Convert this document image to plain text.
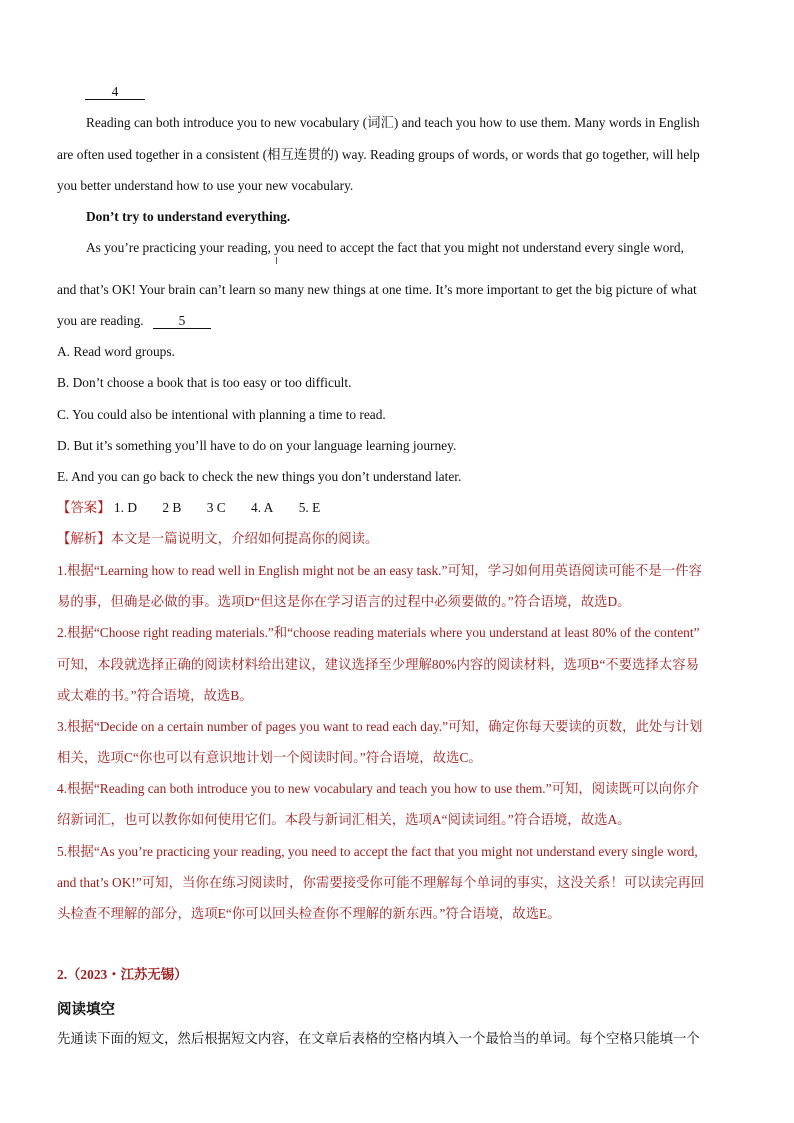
4
Reading can both introduce you to new vocabulary (词汇) and teach you how to use them. Many words in English
are often used together in a consistent (相互连贯的) way. Reading groups of words, or words that go together, will help
you better understand how to use your new vocabulary.
Don’t try to understand everything.
As you’re practicing your reading, you need to accept the fact that you might not understand every single word,
and that’s OK! Your brain can’t learn so many new things at one time. It’s more important to get the big picture of what
you are reading.	5
A. Read word groups.
B. Don’t choose a book that is too easy or too difficult.
C. You could also be intentional with planning a time to read.
D. But it’s something you’ll have to do on your language learning journey.
E. And you can go back to check the new things you don’t understand later.
【答案】 1. D 2 B 3 C 4. A 5. E
【解析】本文是一篇说明文，介绍如何提高你的阅读。
1.根据“Learning how to read well in English might not be an easy task.”可知，学习如何用英语阅读可能不是一件容
易的事，但确是必做的事。选项D“但这是你在学习语言的过程中必须要做的。”符合语境，故选D。
2.根据“Choose right reading materials.”和“choose reading materials where you understand at least 80% of the content”
可知，本段就选择正确的阅读材料给出建议，建议选择至少理解80%内容的阅读材料，选项B“不要选择太容易
或太难的书。”符合语境，故选B。
3.根据“Decide on a certain number of pages you want to read each day.”可知，确定你每天要读的页数，此处与计划
相关，选项C“你也可以有意识地计划一个阅读时间。”符合语境，故选C。
4.根据“Reading can both introduce you to new vocabulary and teach you how to use them.”可知，阅读既可以向你介
绍新词汇，也可以教你如何使用它们。本段与新词汇相关，选项A“阅读词组。”符合语境，故选A。
5.根据“As you’re practicing your reading, you need to accept the fact that you might not understand every single word,
and that’s OK!”可知，当你在练习阅读时，你需要接受你可能不理解每个单词的事实，这没关系！可以读完再回
头检查不理解的部分，选项E“你可以回头检查你不理解的新东西。”符合语境，故选E。
2.（2023・江苏无锡）
阅读填空
先通读下面的短文，然后根据短文内容，在文章后表格的空格内填入一个最恰当的单词。每个空格只能填一个
